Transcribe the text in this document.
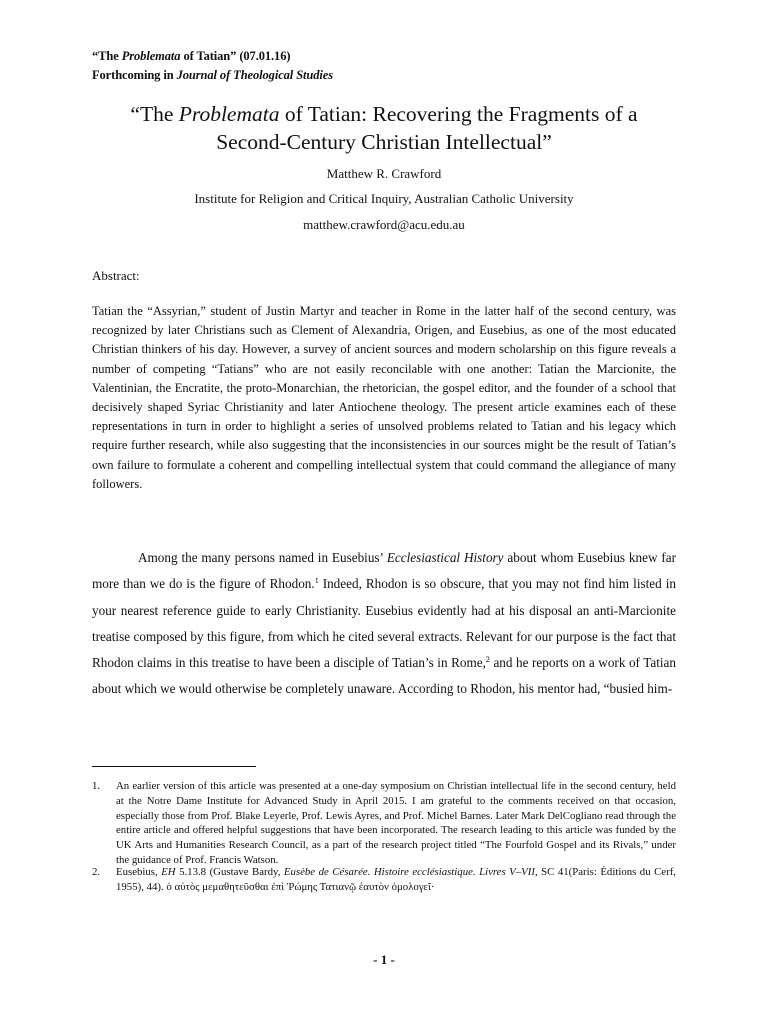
“The Problemata of Tatian” (07.01.16)
Forthcoming in Journal of Theological Studies
“The Problemata of Tatian: Recovering the Fragments of a
Second-Century Christian Intellectual”
Matthew R. Crawford
Institute for Religion and Critical Inquiry, Australian Catholic University
matthew.crawford@acu.edu.au
Abstract:
Tatian the “Assyrian,” student of Justin Martyr and teacher in Rome in the latter half of the second century, was recognized by later Christians such as Clement of Alexandria, Origen, and Eusebius, as one of the most educated Christian thinkers of his day. However, a survey of ancient sources and modern scholarship on this figure reveals a number of competing “Tatians” who are not easily reconcilable with one another: Tatian the Marcionite, the Valentinian, the Encratite, the proto-Monarchian, the rhetorician, the gospel editor, and the founder of a school that decisively shaped Syriac Christianity and later Antiochene theology. The present article examines each of these representations in turn in order to highlight a series of unsolved problems related to Tatian and his legacy which require further research, while also suggesting that the inconsistencies in our sources might be the result of Tatian’s own failure to formulate a coherent and compelling intellectual system that could command the allegiance of many followers.
Among the many persons named in Eusebius’ Ecclesiastical History about whom Eusebius knew far more than we do is the figure of Rhodon.$^1$ Indeed, Rhodon is so obscure, that you may not find him listed in your nearest reference guide to early Christianity. Eusebius evidently had at his disposal an anti-Marcionite treatise composed by this figure, from which he cited several extracts. Relevant for our purpose is the fact that Rhodon claims in this treatise to have been a disciple of Tatian’s in Rome,$^2$ and he reports on a work of Tatian about which we would otherwise be completely unaware. According to Rhodon, his mentor had, “busied him-
1. An earlier version of this article was presented at a one-day symposium on Christian intellectual life in the second century, held at the Notre Dame Institute for Advanced Study in April 2015. I am grateful to the comments received on that occasion, especially those from Prof. Blake Leyerle, Prof. Lewis Ayres, and Prof. Michel Barnes. Later Mark DelCogliano read through the entire article and offered helpful suggestions that have been incorporated. The research leading to this article was funded by the UK Arts and Humanities Research Council, as a part of the research project titled “The Fourfold Gospel and its Rivals,” under the guidance of Prof. Francis Watson.
2. Eusebius, EH 5.13.8 (Gustave Bardy, Eusèbe de Césarée. Histoire ecclésiastique. Livres V–VII, SC 41(Paris: Éditions du Cerf, 1955), 44). ὁ αὐτὸς μεμαθητεῦσθαι ἐπὶ Ῥώμης Τατιανῷ ἑαυτὸν ὁμολογεῖ·
- 1 -
